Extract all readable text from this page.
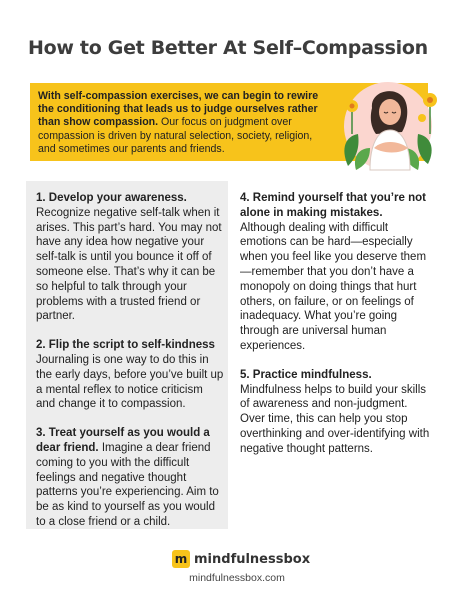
How to Get Better At Self–Compassion
With self-compassion exercises, we can begin to rewire the conditioning that leads us to judge ourselves rather than show compassion. Our focus on judgment over compassion is driven by natural selection, society, religion, and sometimes our parents and friends.

1. Develop your awareness. Recognize negative self-talk when it arises. This part’s hard. You may not have any idea how negative your self-talk is until you bounce it off of someone else. That’s why it can be so helpful to talk through your problems with a trusted friend or partner.

2. Flip the script to self-kindness Journaling is one way to do this in the early days, before you’ve built up a mental reflex to notice criticism and change it to compassion.

3. Treat yourself as you would a dear friend. Imagine a dear friend coming to you with the difficult feelings and negative thought patterns you’re experiencing. Aim to be as kind to yourself as you would to a close friend or a child.

4. Remind yourself that you’re not alone in making mistakes. Although dealing with difficult emotions can be hard—especially when you feel like you deserve them—remember that you don’t have a monopoly on doing things that hurt others, on failure, or on feelings of inadequacy. What you’re going through are universal human experiences.

5. Practice mindfulness. Mindfulness helps to build your skills of awareness and non-judgment. Over time, this can help you stop overthinking and over-identifying with negative thought patterns.

m mindfulnessbox
mindfulnessbox.com
